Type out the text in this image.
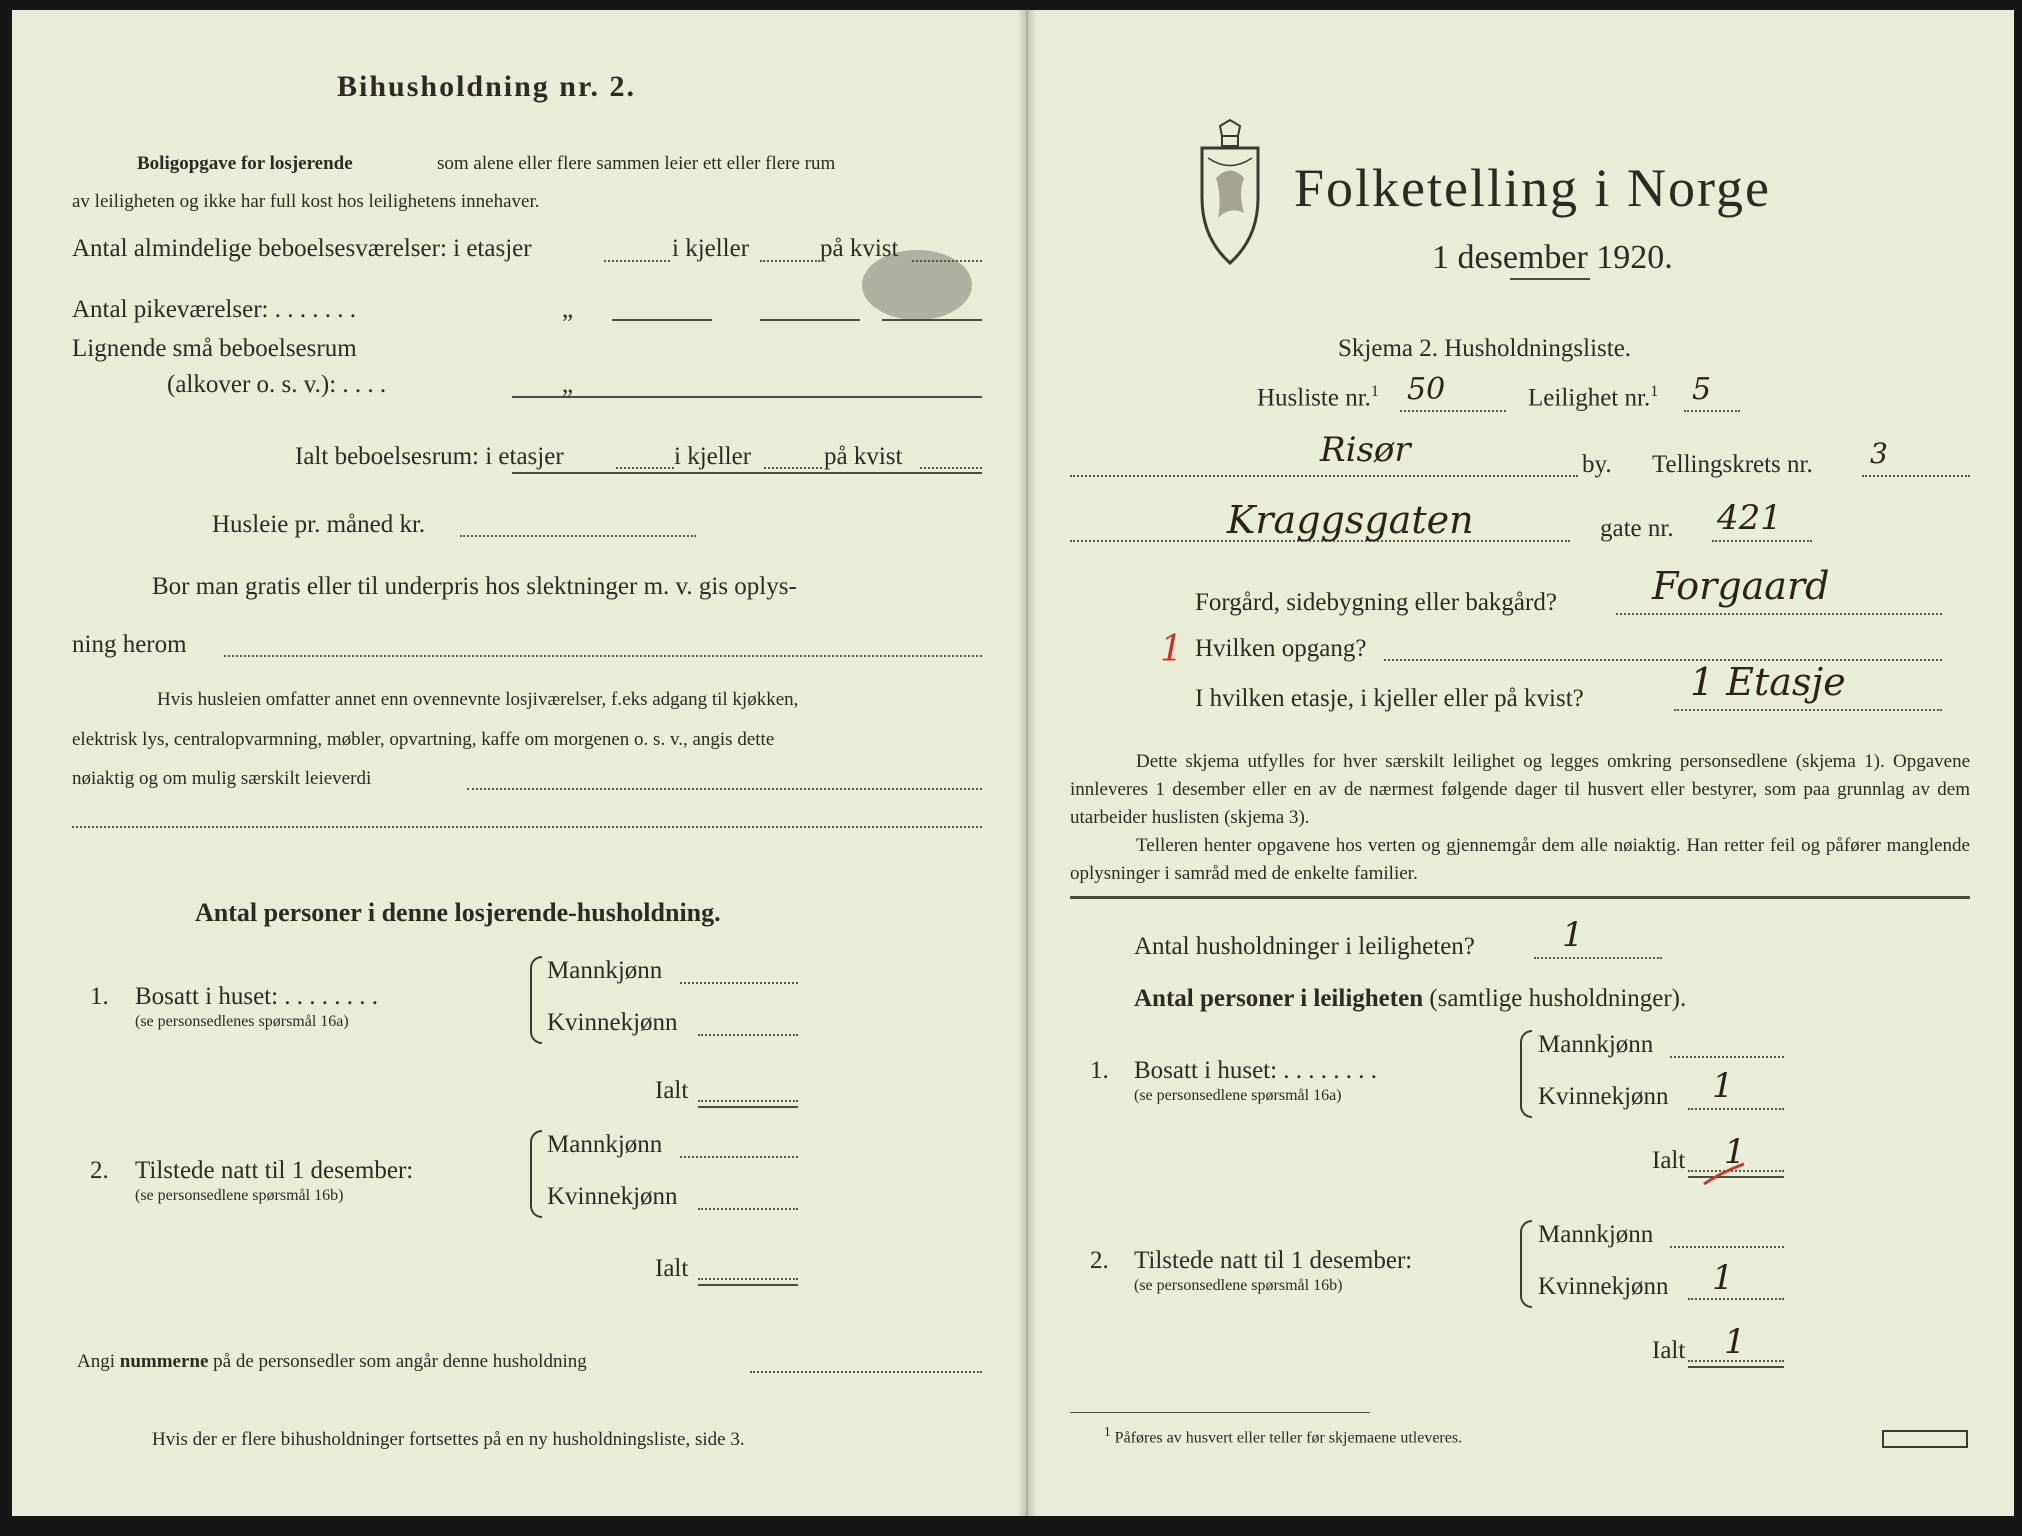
Bihusholdning nr. 2.
Boligopgave for losjerende	som alene eller flere sammen leier ett eller flere rum
av leiligheten og ikke har full kost hos leilighetens innehaver.
Antal almindelige beboelsesværelser: i etasjer	i kjeller	på kvist
Antal pikeværelser: . . . . . . .	„
Lignende små beboelsesrum
(alkover o. s. v.): . . . .	„
Ialt beboelsesrum: i etasjer	i kjeller	på kvist
Husleie pr. måned kr.
Bor man gratis eller til underpris hos slektninger m. v. gis oplys-
ning herom
Hvis husleien omfatter annet enn ovennevnte losjiværelser, f.eks adgang til kjøkken,
elektrisk lys, centralopvarmning, møbler, opvartning, kaffe om morgenen o. s. v., angis dette
nøiaktig og om mulig særskilt leieverdi
Antal personer i denne losjerende-husholdning.
1. Bosatt i huset: . . . . . . . .
(se personsedlenes spørsmål 16a)
Mannkjønn
Kvinnekjønn
Ialt
2. Tilstede natt til 1 desember:
(se personsedlene spørsmål 16b)
Mannkjønn
Kvinnekjønn
Ialt
Angi nummerne på de personsedler som angår denne husholdning
Hvis der er flere bihusholdninger fortsettes på en ny husholdningsliste, side 3.
Folketelling i Norge
1 desember 1920.
Skjema 2. Husholdningsliste.
Husliste nr.$^1$ 50	Leilighet nr.$^1$ 5
Risør	by. Tellingskrets nr. 3
Kraggsgaten	gate nr. 421
Forgård, sidebygning eller bakgård?	Forgaard
1 Hvilken opgang?
I hvilken etasje, i kjeller eller på kvist?	1 Etasje
Dette skjema utfylles for hver særskilt leilighet og legges omkring personsedlene (skjema 1). Opgavene innleveres 1 desember eller en av de nærmest følgende dager til husvert eller bestyrer, som paa grunnlag av dem utarbeider huslisten (skjema 3).
Telleren henter opgavene hos verten og gjennemgår dem alle nøiaktig. Han retter feil og påfører manglende oplysninger i samråd med de enkelte familier.
Antal husholdninger i leiligheten?	1
Antal personer i leiligheten (samtlige husholdninger).
1. Bosatt i huset: . . . . . . . .
(se personsedlene spørsmål 16a)
Mannkjønn
Kvinnekjønn 1
Ialt 1
2. Tilstede natt til 1 desember:
(se personsedlene spørsmål 16b)
Mannkjønn
Kvinnekjønn 1
Ialt 1
$^1$ Påføres av husvert eller teller før skjemaene utleveres.
